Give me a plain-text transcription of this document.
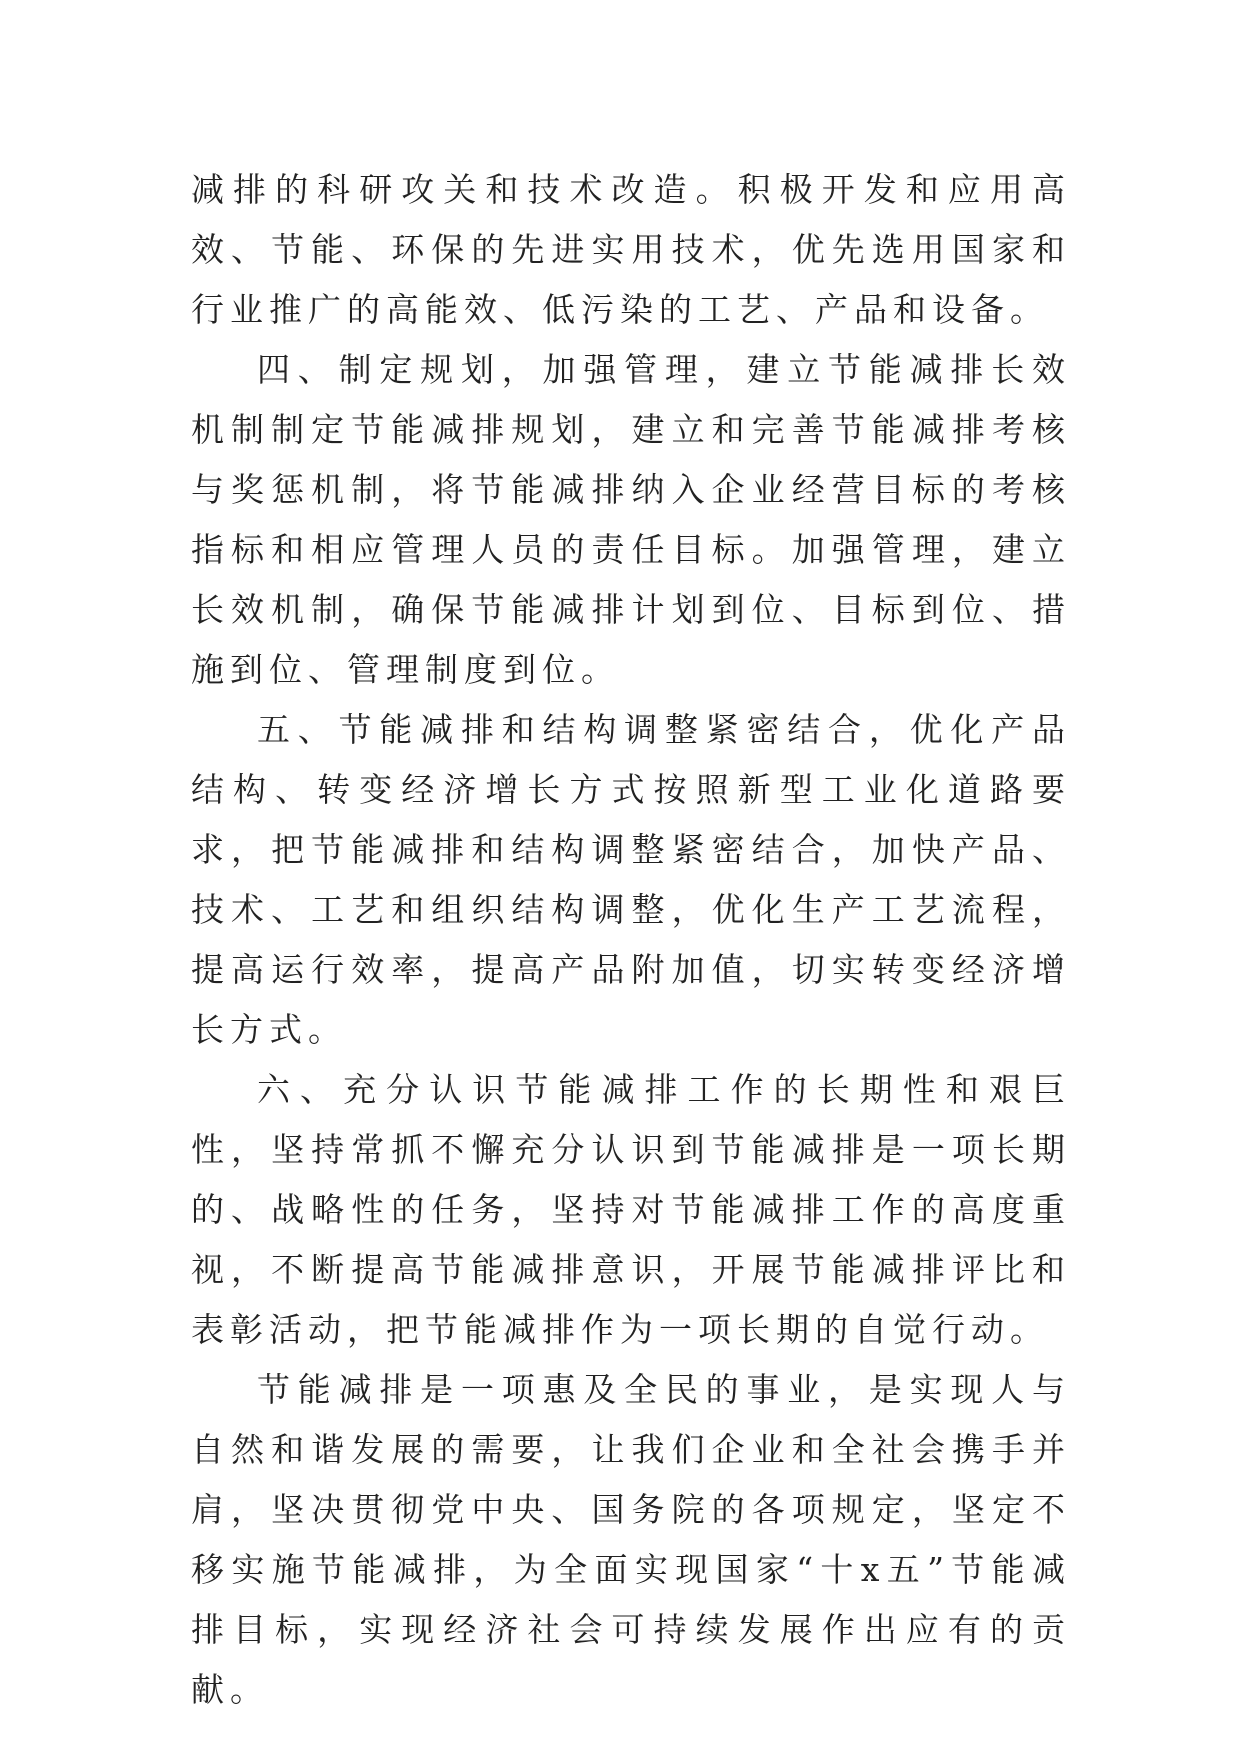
减排的科研攻关和技术改造。积极开发和应用高效、节能、环保的先进实用技术，优先选用国家和行业推广的高能效、低污染的工艺、产品和设备。

四、制定规划，加强管理，建立节能减排长效机制制定节能减排规划，建立和完善节能减排考核与奖惩机制，将节能减排纳入企业经营目标的考核指标和相应管理人员的责任目标。加强管理，建立长效机制，确保节能减排计划到位、目标到位、措施到位、管理制度到位。

五、节能减排和结构调整紧密结合，优化产品结构、转变经济增长方式按照新型工业化道路要求，把节能减排和结构调整紧密结合，加快产品、技术、工艺和组织结构调整，优化生产工艺流程，提高运行效率，提高产品附加值，切实转变经济增长方式。

六、充分认识节能减排工作的长期性和艰巨性，坚持常抓不懈充分认识到节能减排是一项长期的、战略性的任务，坚持对节能减排工作的高度重视，不断提高节能减排意识，开展节能减排评比和表彰活动，把节能减排作为一项长期的自觉行动。

节能减排是一项惠及全民的事业，是实现人与自然和谐发展的需要，让我们企业和全社会携手并肩，坚决贯彻党中央、国务院的各项规定，坚定不移实施节能减排，为全面实现国家“十x五”节能减排目标，实现经济社会可持续发展作出应有的贡献。
